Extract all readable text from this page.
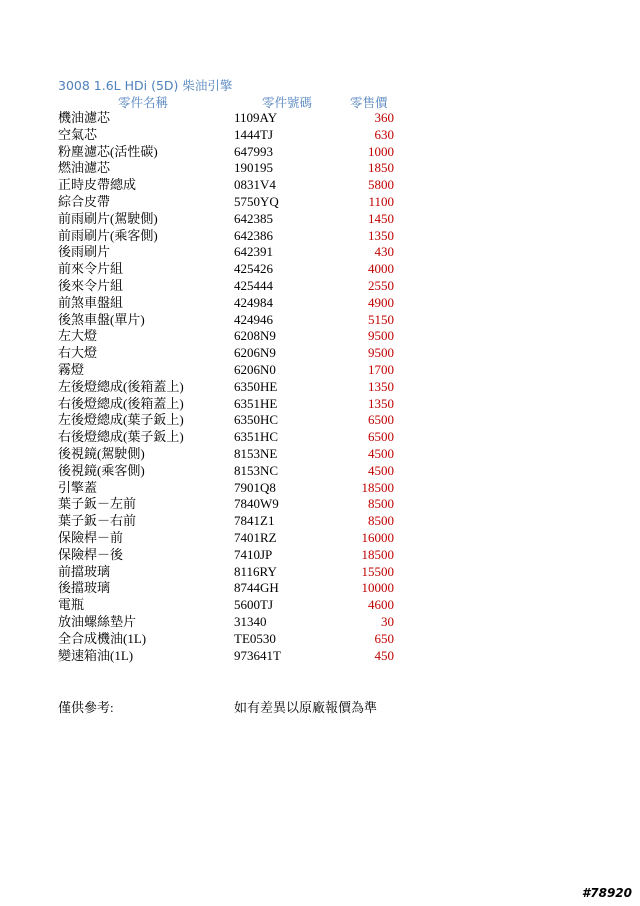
3008 1.6L HDi (5D) 柴油引擎
零件名稱	零件號碼	零售價
機油濾芯	1109AY	360
空氣芯	1444TJ	630
粉塵濾芯(活性碳)	647993	1000
燃油濾芯	190195	1850
正時皮帶總成	0831V4	5800
綜合皮帶	5750YQ	1100
前雨刷片(駕駛側)	642385	1450
前雨刷片(乘客側)	642386	1350
後雨刷片	642391	430
前來令片組	425426	4000
後來令片組	425444	2550
前煞車盤組	424984	4900
後煞車盤(單片)	424946	5150
左大燈	6208N9	9500
右大燈	6206N9	9500
霧燈	6206N0	1700
左後燈總成(後箱蓋上)	6350HE	1350
右後燈總成(後箱蓋上)	6351HE	1350
左後燈總成(葉子鈑上)	6350HC	6500
右後燈總成(葉子鈑上)	6351HC	6500
後視鏡(駕駛側)	8153NE	4500
後視鏡(乘客側)	8153NC	4500
引擎蓋	7901Q8	18500
葉子鈑－左前	7840W9	8500
葉子鈑－右前	7841Z1	8500
保險桿－前	7401RZ	16000
保險桿－後	7410JP	18500
前擋玻璃	8116RY	15500
後擋玻璃	8744GH	10000
電瓶	5600TJ	4600
放油螺絲墊片	31340	30
全合成機油(1L)	TE0530	650
變速箱油(1L)	973641T	450
僅供參考:	如有差異以原廠報價為準
#78920
